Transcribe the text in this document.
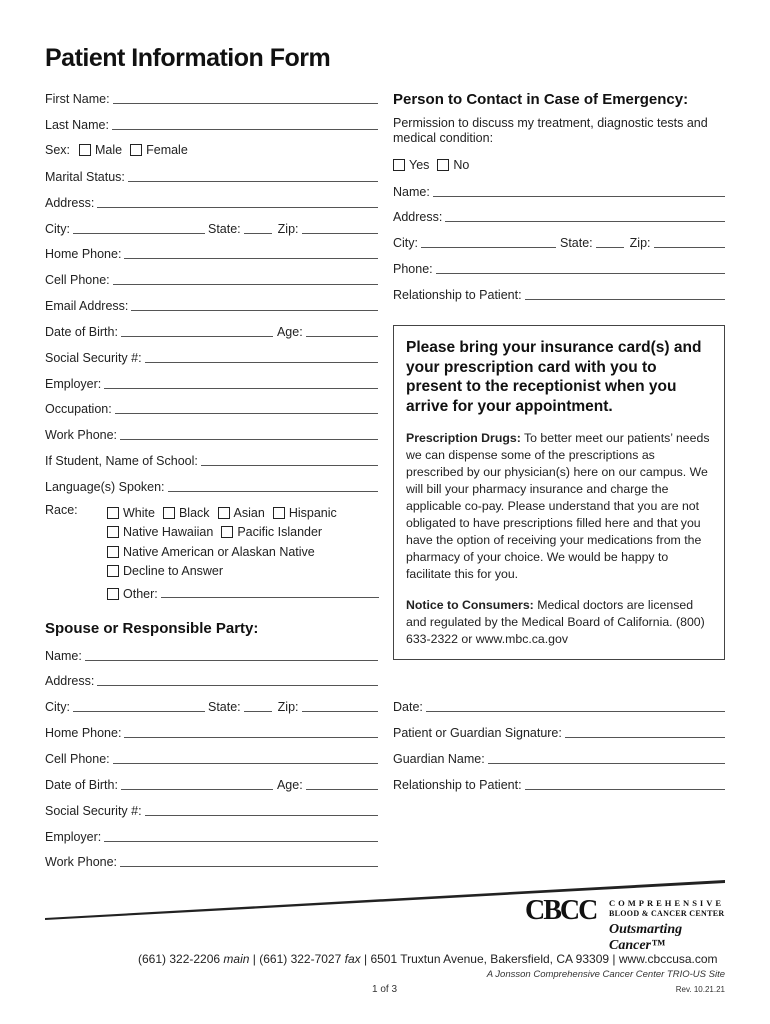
Patient Information Form
First Name:
Last Name:
Sex: Male Female
Marital Status:
Address:
City:	State:	Zip:
Home Phone:
Cell Phone:
Email Address:
Date of Birth:	Age:
Social Security #:
Employer:
Occupation:
Work Phone:
If Student, Name of School:
Language(s) Spoken:
Race:	White Black Asian Hispanic
Native Hawaiian Pacific Islander
Native American or Alaskan Native
Decline to Answer
Other:
Spouse or Responsible Party:
Name:
Address:
City:	State:	Zip:
Home Phone:
Cell Phone:
Date of Birth:	Age:
Social Security #:
Employer:
Work Phone:
Person to Contact in Case of Emergency:
Permission to discuss my treatment, diagnostic tests and medical condition:
Yes No
Name:
Address:
City:	State:	Zip:
Phone:
Relationship to Patient:
Date:
Patient or Guardian Signature:
Guardian Name:
Relationship to Patient:
Please bring your insurance card(s) and your prescription card with you to present to the receptionist when you arrive for your appointment.

Prescription Drugs: To better meet our patients’ needs we can dispense some of the prescriptions as prescribed by our physician(s) here on our campus. We will bill your pharmacy insurance and charge the applicable co-pay. Please understand that you are not obligated to have prescriptions filled here and that you have the option of receiving your medications from the pharmacy of your choice. We would be happy to facilitate this for you.

Notice to Consumers: Medical doctors are licensed and regulated by the Medical Board of California. (800) 633-2322 or www.mbc.ca.gov

CBCC COMPREHENSIVE
BLOOD & CANCER CENTER
Outsmarting Cancer™
(661) 322-2206 main | (661) 322-7027 fax | 6501 Truxtun Avenue, Bakersfield, CA 93309 | www.cbccusa.com
A Jonsson Comprehensive Cancer Center TRIO-US Site
1 of 3	Rev. 10.21.21
